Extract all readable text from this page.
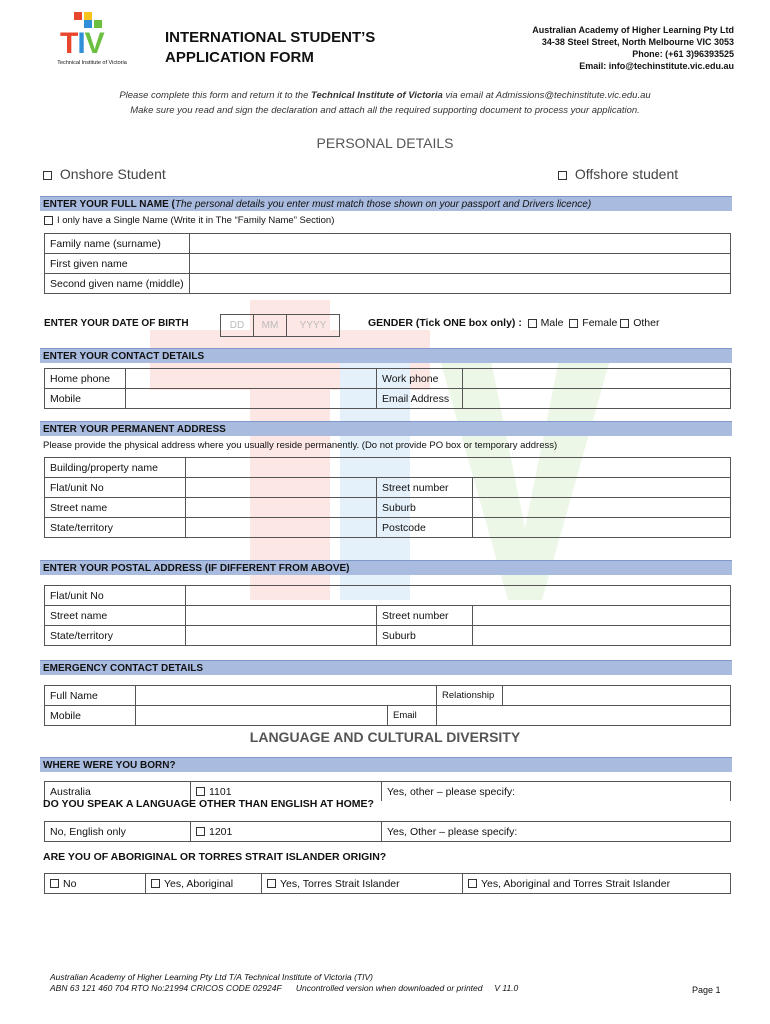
TIV
Technical Institute of Victoria
INTERNATIONAL STUDENT’S
APPLICATION FORM
Australian Academy of Higher Learning Pty Ltd
34-38 Steel Street, North Melbourne VIC 3053
Phone: (+61 3)96393525
Email: info@techinstitute.vic.edu.au
Please complete this form and return it to the Technical Institute of Victoria via email at Admissions@techinstitute.vic.edu.au
Make sure you read and sign the declaration and attach all the required supporting document to process your application.
PERSONAL DETAILS
Onshore Student	Offshore student
ENTER YOUR FULL NAME (The personal details you enter must match those shown on your passport and Drivers licence)
I only have a Single Name (Write it in The “Family Name” Section)
Family name (surname)	
First given name	
Second given name (middle)	
ENTER YOUR DATE OF BIRTH	DD	MM	YYYY	GENDER (Tick ONE box only) : Male Female Other
ENTER YOUR CONTACT DETAILS
Home phone		Work phone	
Mobile		Email Address	
ENTER YOUR PERMANENT ADDRESS
Please provide the physical address where you usually reside permanently. (Do not provide PO box or temporary address)
Building/property name			
Flat/unit No		Street number	
Street name		Suburb	
State/territory		Postcode	
ENTER YOUR POSTAL ADDRESS (IF DIFFERENT FROM ABOVE)
Flat/unit No			
Street name		Street number	
State/territory		Suburb	
EMERGENCY CONTACT DETAILS
Full Name			Relationship	
Mobile		Email		
LANGUAGE AND CULTURAL DIVERSITY
WHERE WERE YOU BORN?
Australia	1101	Yes, other – please specify:
DO YOU SPEAK A LANGUAGE OTHER THAN ENGLISH AT HOME?
No, English only	1201	Yes, Other – please specify:
ARE YOU OF ABORIGINAL OR TORRES STRAIT ISLANDER ORIGIN?
No	Yes, Aboriginal	Yes, Torres Strait Islander	Yes, Aboriginal and Torres Strait Islander
Australian Academy of Higher Learning Pty Ltd T/A Technical Institute of Victoria (TIV)
ABN 63 121 460 704 RTO No:21994 CRICOS CODE 02924F Uncontrolled version when downloaded or printed V 11.0	Page 1
